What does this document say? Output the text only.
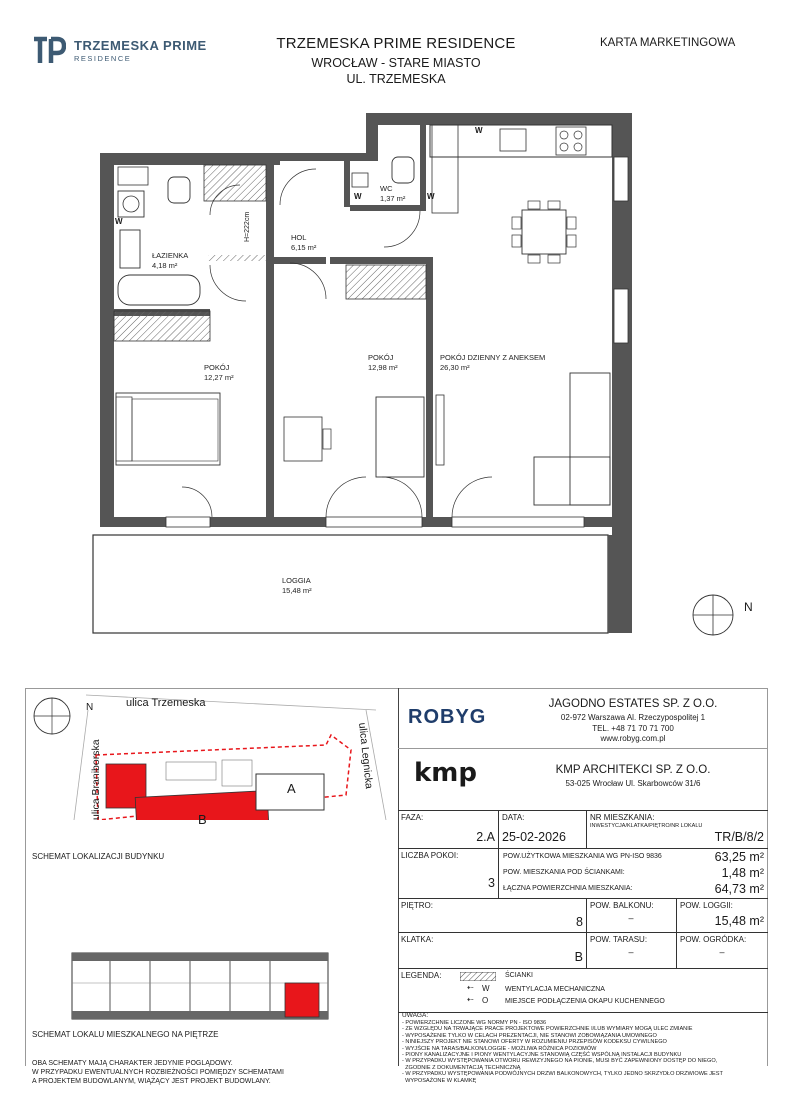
TRZEMESKA PRIME
RESIDENCE
TRZEMESKA PRIME RESIDENCE
WROCŁAW - STARE MIASTO
UL. TRZEMESKA
KARTA MARKETINGOWA
ŁAZIENKA
4,18 m²
HOL
6,15 m²
WC
1,37 m²
POKÓJ
12,27 m²
POKÓJ
12,98 m²
POKÓJ DZIENNY Z ANEKSEM
26,30 m²
LOGGIA
15,48 m²
H=222cm
W
W	W
W
N
ulica Trzemeska
ulica Braniborska	ulica Legnicka
A
B
N
SCHEMAT LOKALIZACJI BUDYNKU
SCHEMAT LOKALU MIESZKALNEGO NA PIĘTRZE
OBA SCHEMATY MAJĄ CHARAKTER JEDYNIE POGLĄDOWY.
W PRZYPADKU EWENTUALNYCH ROZBIEŻNOŚCI POMIĘDZY SCHEMATAMI
A PROJEKTEM BUDOWLANYM, WIĄŻĄCY JEST PROJEKT BUDOWLANY.
ROBYG
JAGODNO ESTATES SP. Z O.O.
02-972 Warszawa Al. Rzeczypospolitej 1
TEL. +48 71 70 71 700
www.robyg.com.pl
kmp	KMP ARCHITEKCI SP. Z O.O.
53-025 Wrocław Ul. Skarbowców 31/6
FAZA:
2.A
DATA:
25-02-2026
NR MIESZKANIA:
INWESTYCJA/KLATKA/PIĘTRO/NR LOKALU
TR/B/8/2
LICZBA POKOI:
3
POW.UŻYTKOWA MIESZKANIA WG PN-ISO 9836	63,25 m²
POW. MIESZKANIA POD ŚCIANKAMI:	1,48 m²
ŁĄCZNA POWIERZCHNIA MIESZKANIA:	64,73 m²
PIĘTRO:
8
POW. BALKONU:
–
POW. LOGGII:
15,48 m²
KLATKA:
B
POW. TARASU:
–
POW. OGRÓDKA:
–
LEGENDA:	ŚCIANKI
W WENTYLACJA MECHANICZNA
O MIEJSCE PODŁĄCZENIA OKAPU KUCHENNEGO
⇠
⇠
UWAGA:
- POWIERZCHNIE LICZONE WG NORMY PN - ISO 9836
- ZE WZGLĘDU NA TRWAJĄCE PRACE PROJEKTOWE POWIERZCHNIE I/LUB WYMIARY MOGĄ ULEC ZMIANIE
- WYPOSAŻENIE TYLKO W CELACH PREZENTACJI, NIE STANOWI ZOBOWIĄZANIA UMOWNEGO
- NINIEJSZY PROJEKT NIE STANOWI OFERTY W ROZUMIENIU PRZEPISÓW KODEKSU CYWILNEGO
- WYJŚCIE NA TARAS/BALKON/LOGGIE - MOŻLIWA RÓŻNICA POZIOMÓW
- PIONY KANALIZACYJNE I PIONY WENTYLACYJNE STANOWIĄ CZĘŚĆ WSPÓLNĄ INSTALACJI BUDYNKU
- W PRZYPADKU WYSTĘPOWANIA OTWORU REWIZYJNEGO NA PIONIE, MUSI BYĆ ZAPEWNIONY DOSTĘP DO NIEGO,
ZGODNIE Z DOKUMENTACJĄ TECHNICZNĄ
- W PRZYPADKU WYSTĘPOWANIA PODWÓJNYCH DRZWI BALKONOWYCH, TYLKO JEDNO SKRZYDŁO DRZWIOWE JEST
WYPOSAŻONE W KLAMKĘ
